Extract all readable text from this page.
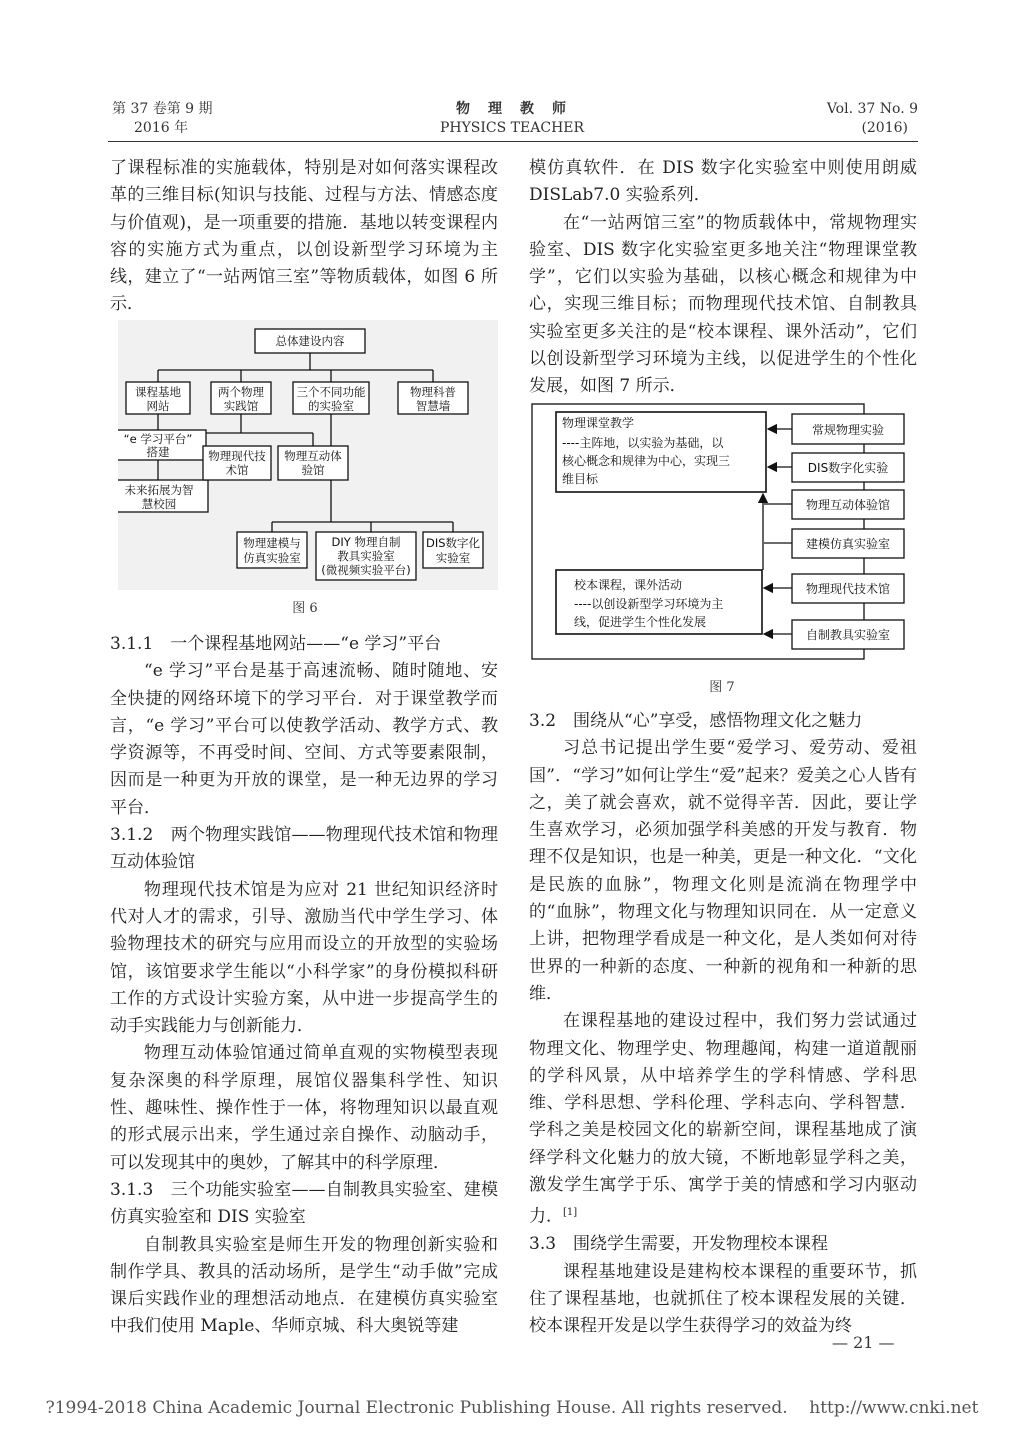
第 37 卷第 9 期
2016 年
物　理　教　师
PHYSICS TEACHER
Vol. 37 No. 9
(2016)

了课程标准的实施载体，特别是对如何落实课程改革的三维目标(知识与技能、过程与方法、情感态度与价值观)，是一项重要的措施．基地以转变课程内容的实施方式为重点，以创设新型学习环境为主线，建立了“一站两馆三室”等物质载体，如图 6 所示．

总体建设内容
课程基地
网站
两个物理
实践馆
三个不同功能
的实验室
物理科普
智慧墙
“e 学习平台”
搭建
未来拓展为智
慧校园
物理现代技
术馆
物理互动体
验馆
物理建模与
仿真实验室
DIY 物理自制
教具实验室
(微视频实验平台)
DIS数字化
实验室
图 6

3.1.1　一个课程基地网站——“e 学习”平台

“e 学习”平台是基于高速流畅、随时随地、安全快捷的网络环境下的学习平台．对于课堂教学而言，“e 学习”平台可以使教学活动、教学方式、教学资源等，不再受时间、空间、方式等要素限制，因而是一种更为开放的课堂，是一种无边界的学习平台．

3.1.2　两个物理实践馆——物理现代技术馆和物理互动体验馆

物理现代技术馆是为应对 21 世纪知识经济时代对人才的需求，引导、激励当代中学生学习、体验物理技术的研究与应用而设立的开放型的实验场馆，该馆要求学生能以“小科学家”的身份模拟科研工作的方式设计实验方案，从中进一步提高学生的动手实践能力与创新能力．

物理互动体验馆通过简单直观的实物模型表现复杂深奥的科学原理，展馆仪器集科学性、知识性、趣味性、操作性于一体，将物理知识以最直观的形式展示出来，学生通过亲自操作、动脑动手，可以发现其中的奥妙，了解其中的科学原理．

3.1.3　三个功能实验室——自制教具实验室、建模仿真实验室和 DIS 实验室

自制教具实验室是师生开发的物理创新实验和制作学具、教具的活动场所，是学生“动手做”完成课后实践作业的理想活动地点．在建模仿真实验室中我们使用 Maple、华师京城、科大奥锐等建

模仿真软件．在 DIS 数字化实验室中则使用朗威 DISLab7.0 实验系列．

在“一站两馆三室”的物质载体中，常规物理实验室、DIS 数字化实验室更多地关注“物理课堂教学”，它们以实验为基础，以核心概念和规律为中心，实现三维目标；而物理现代技术馆、自制教具实验室更多关注的是“校本课程、课外活动”，它们以创设新型学习环境为主线，以促进学生的个性化发展，如图 7 所示．

物理课堂教学
----主阵地，以实验为基础，以
核心概念和规律为中心，实现三
维目标
校本课程，课外活动
----以创设新型学习环境为主
线，促进学生个性化发展
常规物理实验
DIS数字化实验
物理互动体验馆
建模仿真实验室
物理现代技术馆
自制教具实验室
图 7

3.2　围绕从“心”享受，感悟物理文化之魅力

习总书记提出学生要“爱学习、爱劳动、爱祖国”．“学习”如何让学生“爱”起来？爱美之心人皆有之，美了就会喜欢，就不觉得辛苦．因此，要让学生喜欢学习，必须加强学科美感的开发与教育．物理不仅是知识，也是一种美，更是一种文化．“文化是民族的血脉”，物理文化则是流淌在物理学中的“血脉”，物理文化与物理知识同在．从一定意义上讲，把物理学看成是一种文化，是人类如何对待世界的一种新的态度、一种新的视角和一种新的思维．

在课程基地的建设过程中，我们努力尝试通过物理文化、物理学史、物理趣闻，构建一道道靓丽的学科风景，从中培养学生的学科情感、学科思维、学科思想、学科伦理、学科志向、学科智慧．学科之美是校园文化的崭新空间，课程基地成了演绎学科文化魅力的放大镜，不断地彰显学科之美，激发学生寓学于乐、寓学于美的情感和学习内驱动力．[1]

3.3　围绕学生需要，开发物理校本课程

课程基地建设是建构校本课程的重要环节，抓住了课程基地，也就抓住了校本课程发展的关键．校本课程开发是以学生获得学习的效益为终

— 21 —
?1994-2018 China Academic Journal Electronic Publishing House. All rights reserved.    http://www.cnki.net
